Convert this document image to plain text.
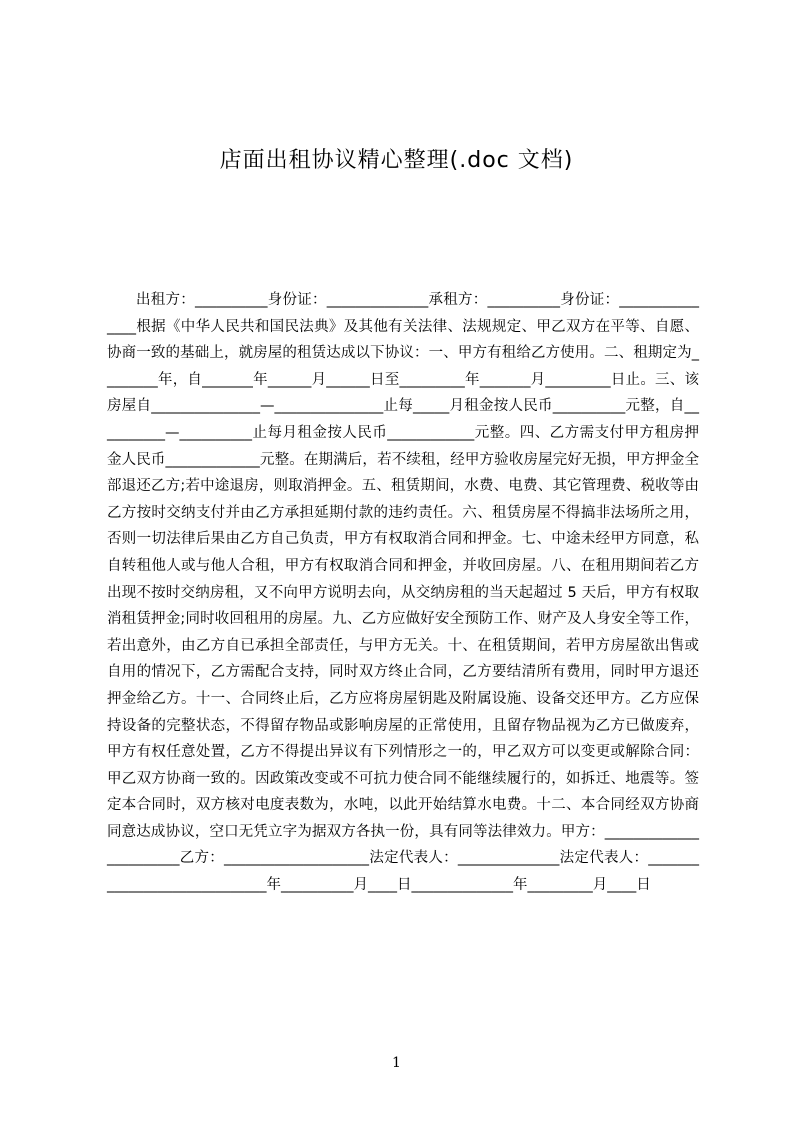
店面出租协议精心整理(.doc 文档)

出租方：__________身份证：______________承租方：__________身份证：_______________根据《中华人民共和国民法典》及其他有关法律、法规规定、甲乙双方在平等、自愿、协商一致的基础上，就房屋的租赁达成以下协议：一、甲方有租给乙方使用。二、租期定为________年，自_______年______月______日至_________年_______月_________日止。三、该房屋自_______________—_______________止每_____月租金按人民币__________元整，自__________—__________止每月租金按人民币____________元整。四、乙方需支付甲方租房押金人民币_____________元整。在期满后，若不续租，经甲方验收房屋完好无损，甲方押金全部退还乙方;若中途退房，则取消押金。五、租赁期间，水费、电费、其它管理费、税收等由乙方按时交纳支付并由乙方承担延期付款的违约责任。六、租赁房屋不得搞非法场所之用，否则一切法律后果由乙方自己负责，甲方有权取消合同和押金。七、中途未经甲方同意，私自转租他人或与他人合租，甲方有权取消合同和押金，并收回房屋。八、在租用期间若乙方出现不按时交纳房租，又不向甲方说明去向，从交纳房租的当天起超过 5 天后，甲方有权取消租赁押金;同时收回租用的房屋。九、乙方应做好安全预防工作、财产及人身安全等工作，若出意外，由乙方自已承担全部责任，与甲方无关。十、在租赁期间，若甲方房屋欲出售或自用的情况下，乙方需配合支持，同时双方终止合同，乙方要结清所有费用，同时甲方退还押金给乙方。十一、合同终止后，乙方应将房屋钥匙及附属设施、设备交还甲方。乙方应保持设备的完整状态，不得留存物品或影响房屋的正常使用，且留存物品视为乙方已做废弃，甲方有权任意处置，乙方不得提出异议有下列情形之一的，甲乙双方可以变更或解除合同：甲乙双方协商一致的。因政策改变或不可抗力使合同不能继续履行的，如拆迁、地震等。签定本合同时，双方核对电度表数为，水吨，以此开始结算水电费。十二、本合同经双方协商同意达成协议，空口无凭立字为据双方各执一份，具有同等法律效力。甲方：_______________________乙方：____________________法定代表人：______________法定代表人：_____________________________年__________月____日______________年_________月____日

1
